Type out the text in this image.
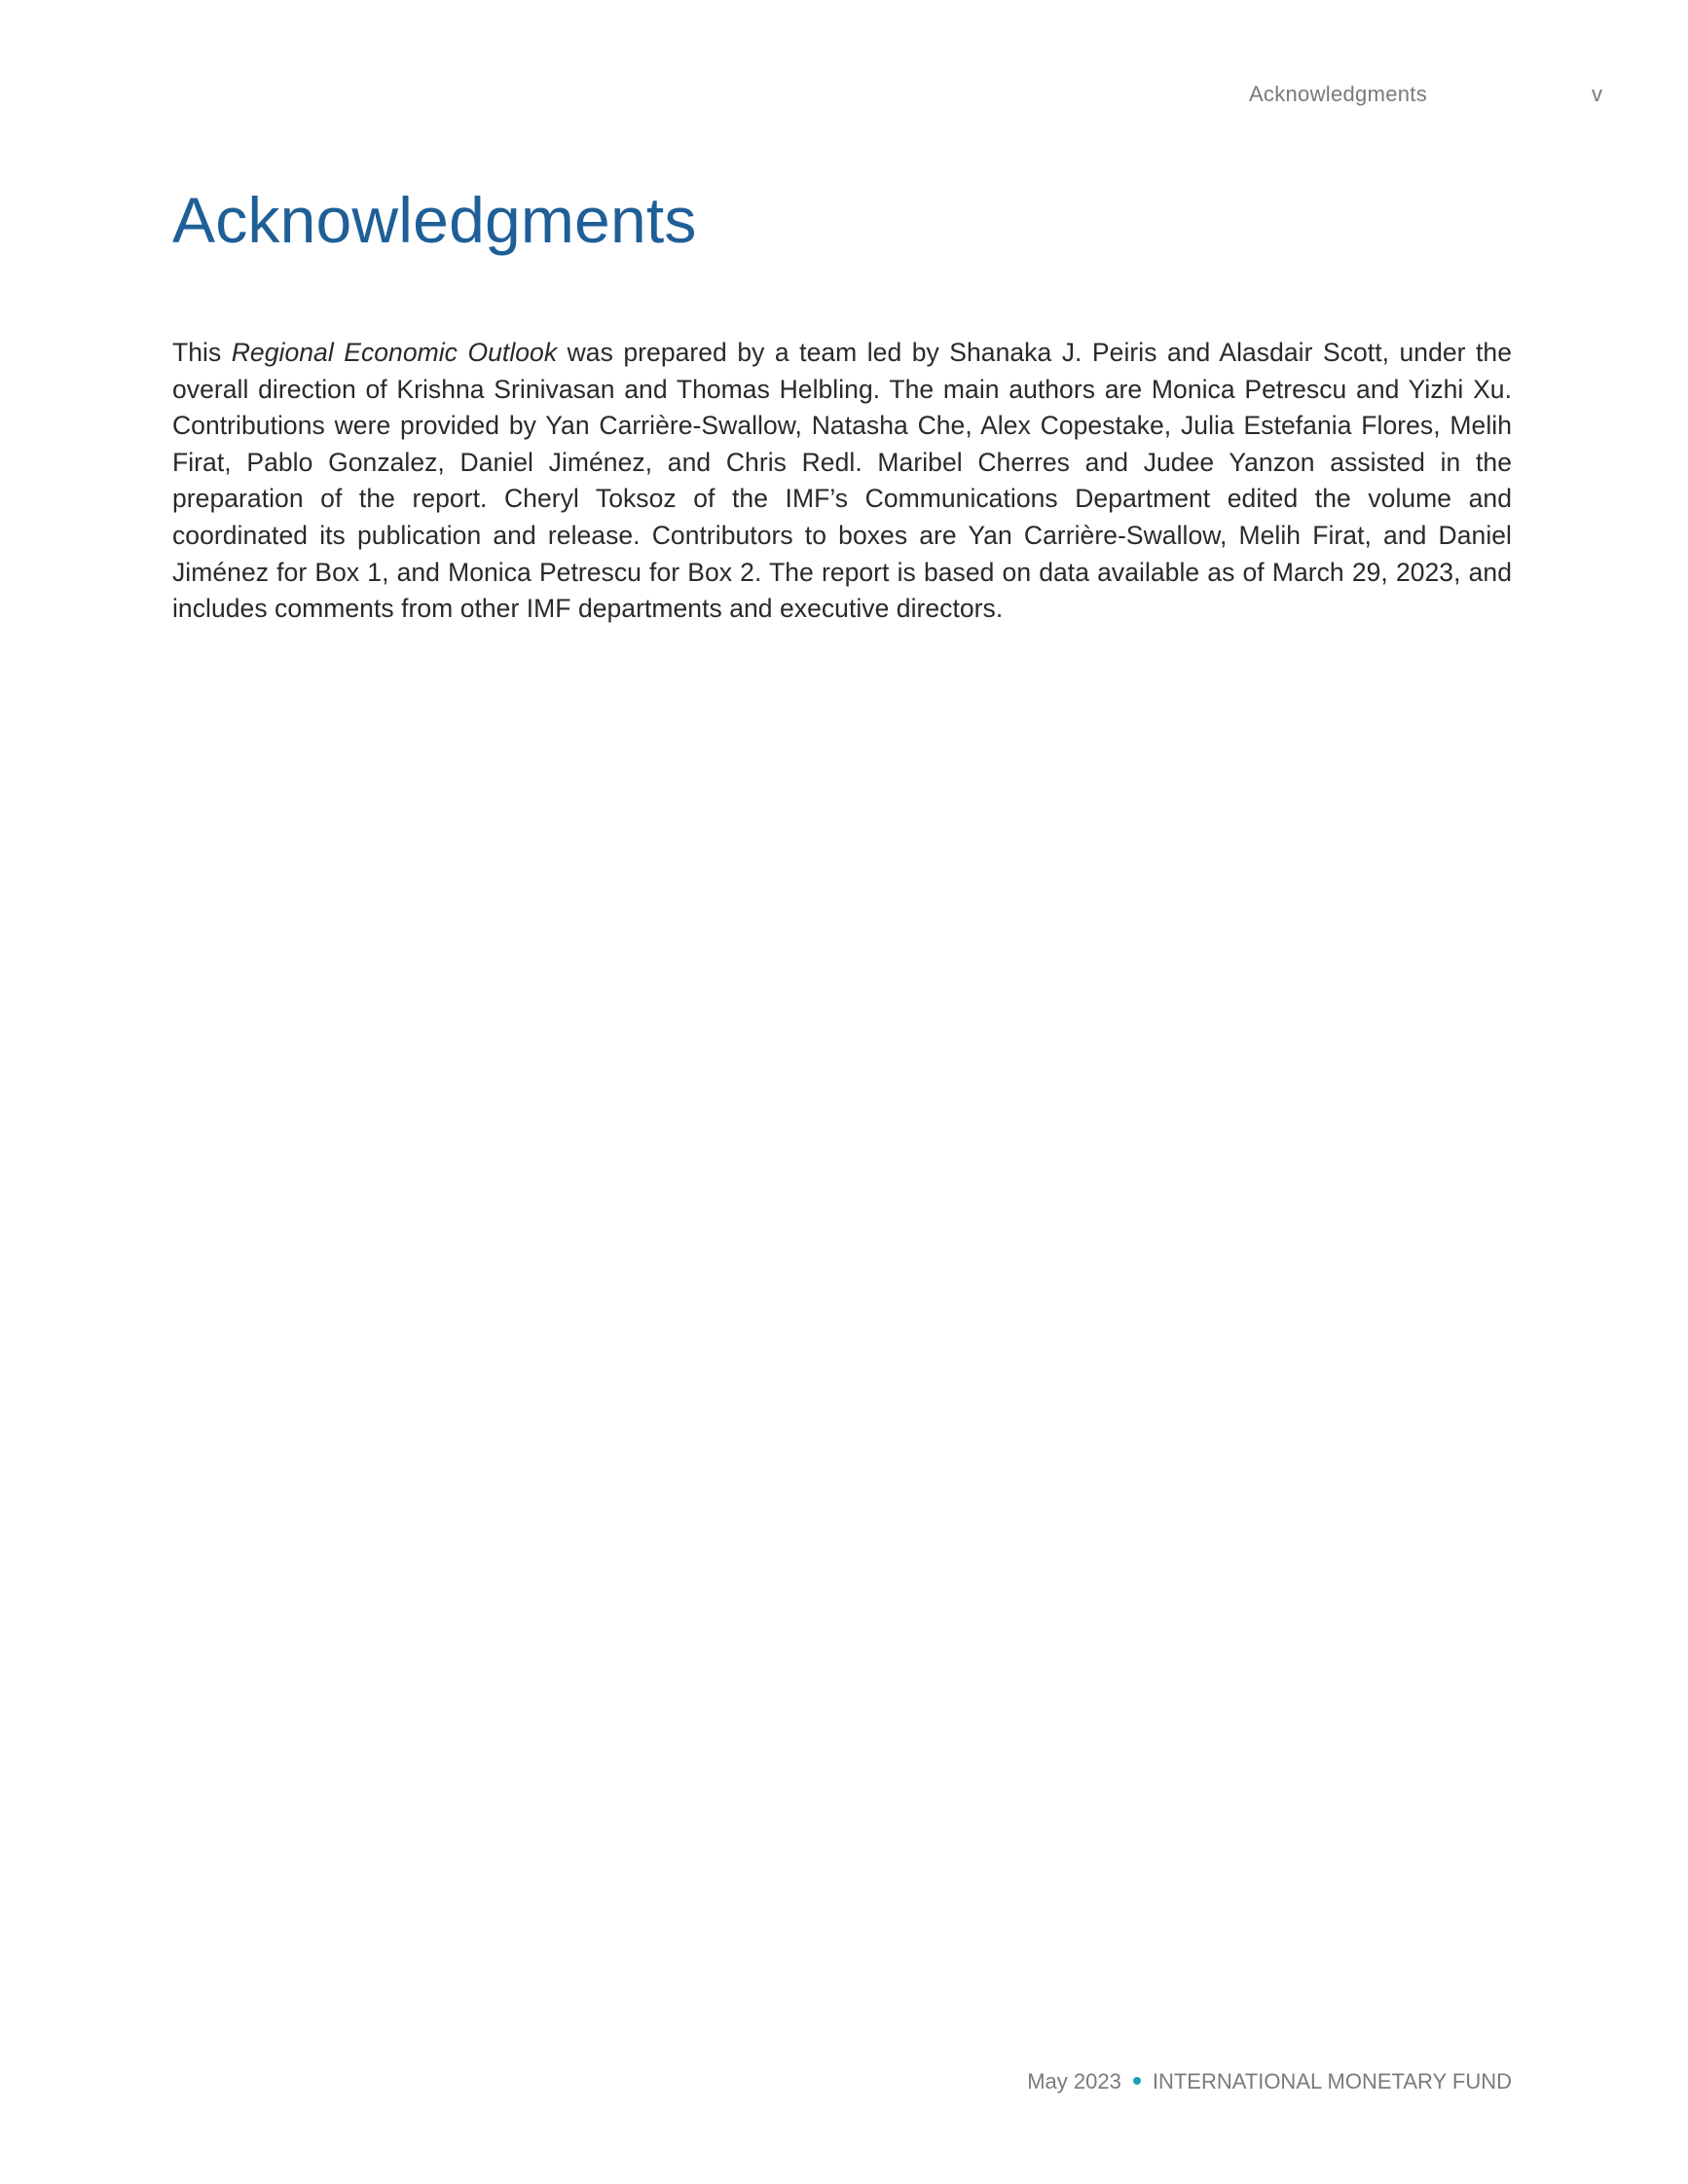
Acknowledgments	v
Acknowledgments

This Regional Economic Outlook was prepared by a team led by Shanaka J. Peiris and Alasdair Scott, under the overall direction of Krishna Srinivasan and Thomas Helbling. The main authors are Monica Petrescu and Yizhi Xu. Contributions were provided by Yan Carrière-Swallow, Natasha Che, Alex Copestake, Julia Estefania Flores, Melih Firat, Pablo Gonzalez, Daniel Jiménez, and Chris Redl. Maribel Cherres and Judee Yanzon assisted in the preparation of the report. Cheryl Toksoz of the IMF’s Communications Department edited the volume and coordinated its publication and release. Contributors to boxes are Yan Carrière-Swallow, Melih Firat, and Daniel Jiménez for Box 1, and Monica Petrescu for Box 2. The report is based on data available as of March 29, 2023, and includes comments from other IMF departments and executive directors.

May 2023 INTERNATIONAL MONETARY FUND
